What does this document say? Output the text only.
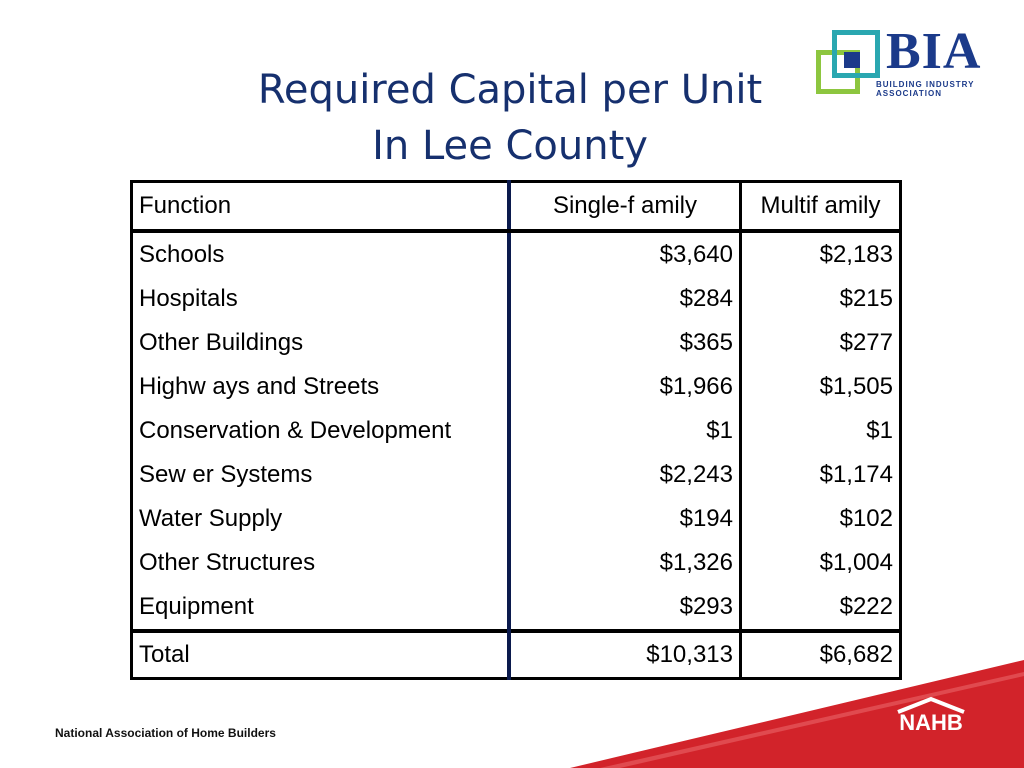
Required Capital per Unit
In Lee County
BIA
BUILDING INDUSTRY
ASSOCIATION
Function	Single-f amily	Multif amily
Schools	$3,640	$2,183
Hospitals	$284	$215
Other Buildings	$365	$277
Highw ays and Streets	$1,966	$1,505
Conservation & Development	$1	$1
Sew er Systems	$2,243	$1,174
Water Supply	$194	$102
Other Structures	$1,326	$1,004
Equipment	$293	$222
Total	$10,313	$6,682
National Association of Home Builders	NAHB
